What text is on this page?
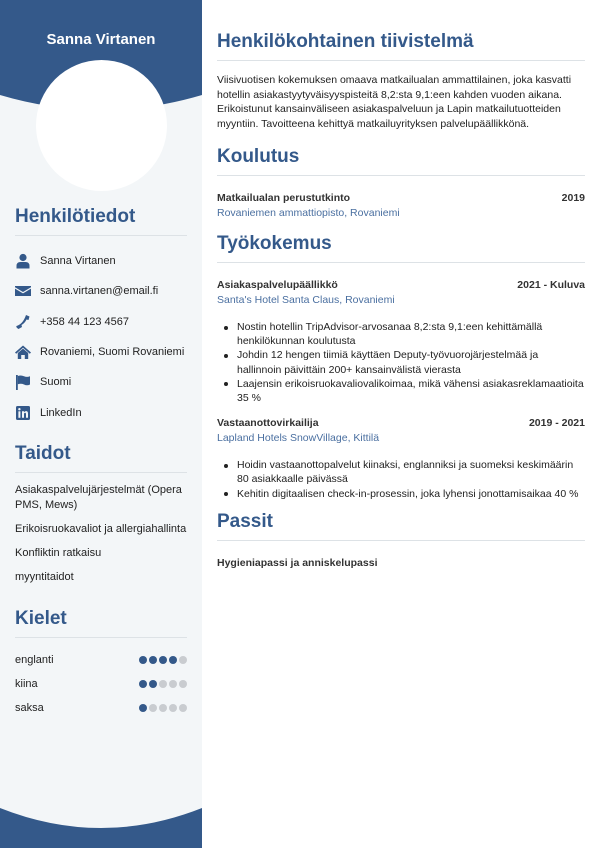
Sanna Virtanen
Henkilötiedot
Sanna Virtanen
sanna.virtanen@email.fi
+358 44 123 4567
Rovaniemi, Suomi Rovaniemi
Suomi
LinkedIn
Taidot
Asiakaspalvelujärjestelmät (Opera PMS, Mews)
Erikoisruokavaliot ja allergiahallinta
Konfliktin ratkaisu
myyntitaidot
Kielet
englanti
kiina
saksa
Henkilökohtainen tiivistelmä

Viisivuotisen kokemuksen omaava matkailualan ammattilainen, joka kasvatti hotellin asiakastyytyväisyyspisteitä 8,2:sta 9,1:een kahden vuoden aikana. Erikoistunut kansainväliseen asiakaspalveluun ja Lapin matkailutuotteiden myyntiin. Tavoitteena kehittyä matkailuyrityksen palvelupäällikkönä.

Koulutus
Matkailualan perustutkinto	2019
Rovaniemen ammattiopisto, Rovaniemi
Työkokemus
Asiakaspalvelupäällikkö	2021 - Kuluva
Santa's Hotel Santa Claus, Rovaniemi
Nostin hotellin TripAdvisor-arvosanaa 8,2:sta 9,1:een kehittämällä henkilökunnan koulutusta
Johdin 12 hengen tiimiä käyttäen Deputy-työvuorojärjestelmää ja hallinnoin päivittäin 200+ kansainvälistä vierasta
Laajensin erikoisruokavaliovalikoimaa, mikä vähensi asiakasreklamaatioita 35 %
Vastaanottovirkailija	2019 - 2021
Lapland Hotels SnowVillage, Kittilä
Hoidin vastaanottopalvelut kiinaksi, englanniksi ja suomeksi keskimäärin 80 asiakkaalle päivässä
Kehitin digitaalisen check-in-prosessin, joka lyhensi jonottamisaikaa 40 %
Passit
Hygieniapassi ja anniskelupassi
